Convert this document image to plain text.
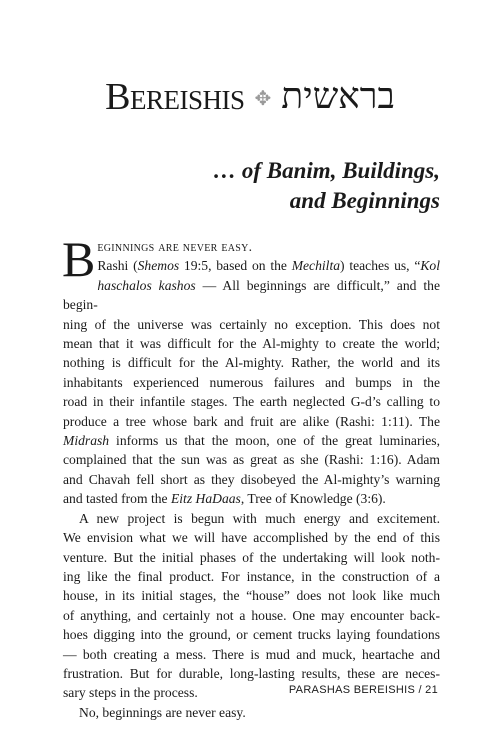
Bereishis ✥ בראשית
… of Banim, Buildings,
and Beginnings

B eginnings are never easy.
Rashi (Shemos 19:5, based on the Mechilta) teaches us, “Kol
haschalos kashos — All beginnings are difficult,” and the begin-
ning of the universe was certainly no exception. This does not
mean that it was difficult for the Al-mighty to create the world;
nothing is difficult for the Al-mighty. Rather, the world and its
inhabitants experienced numerous failures and bumps in the
road in their infantile stages. The earth neglected G-d’s calling to
produce a tree whose bark and fruit are alike (Rashi: 1:11). The
Midrash informs us that the moon, one of the great luminaries,
complained that the sun was as great as she (Rashi: 1:16). Adam
and Chavah fell short as they disobeyed the Al-mighty’s warning
and tasted from the Eitz HaDaas, Tree of Knowledge (3:6).

A new project is begun with much energy and excitement.
We envision what we will have accomplished by the end of this
venture. But the initial phases of the undertaking will look noth-
ing like the final product. For instance, in the construction of a
house, in its initial stages, the “house” does not look like much
of anything, and certainly not a house. One may encounter back-
hoes digging into the ground, or cement trucks laying foundations
— both creating a mess. There is mud and muck, heartache and
frustration. But for durable, long-lasting results, these are neces-
sary steps in the process.

No, beginnings are never easy.

PARASHAS BEREISHIS / 21
